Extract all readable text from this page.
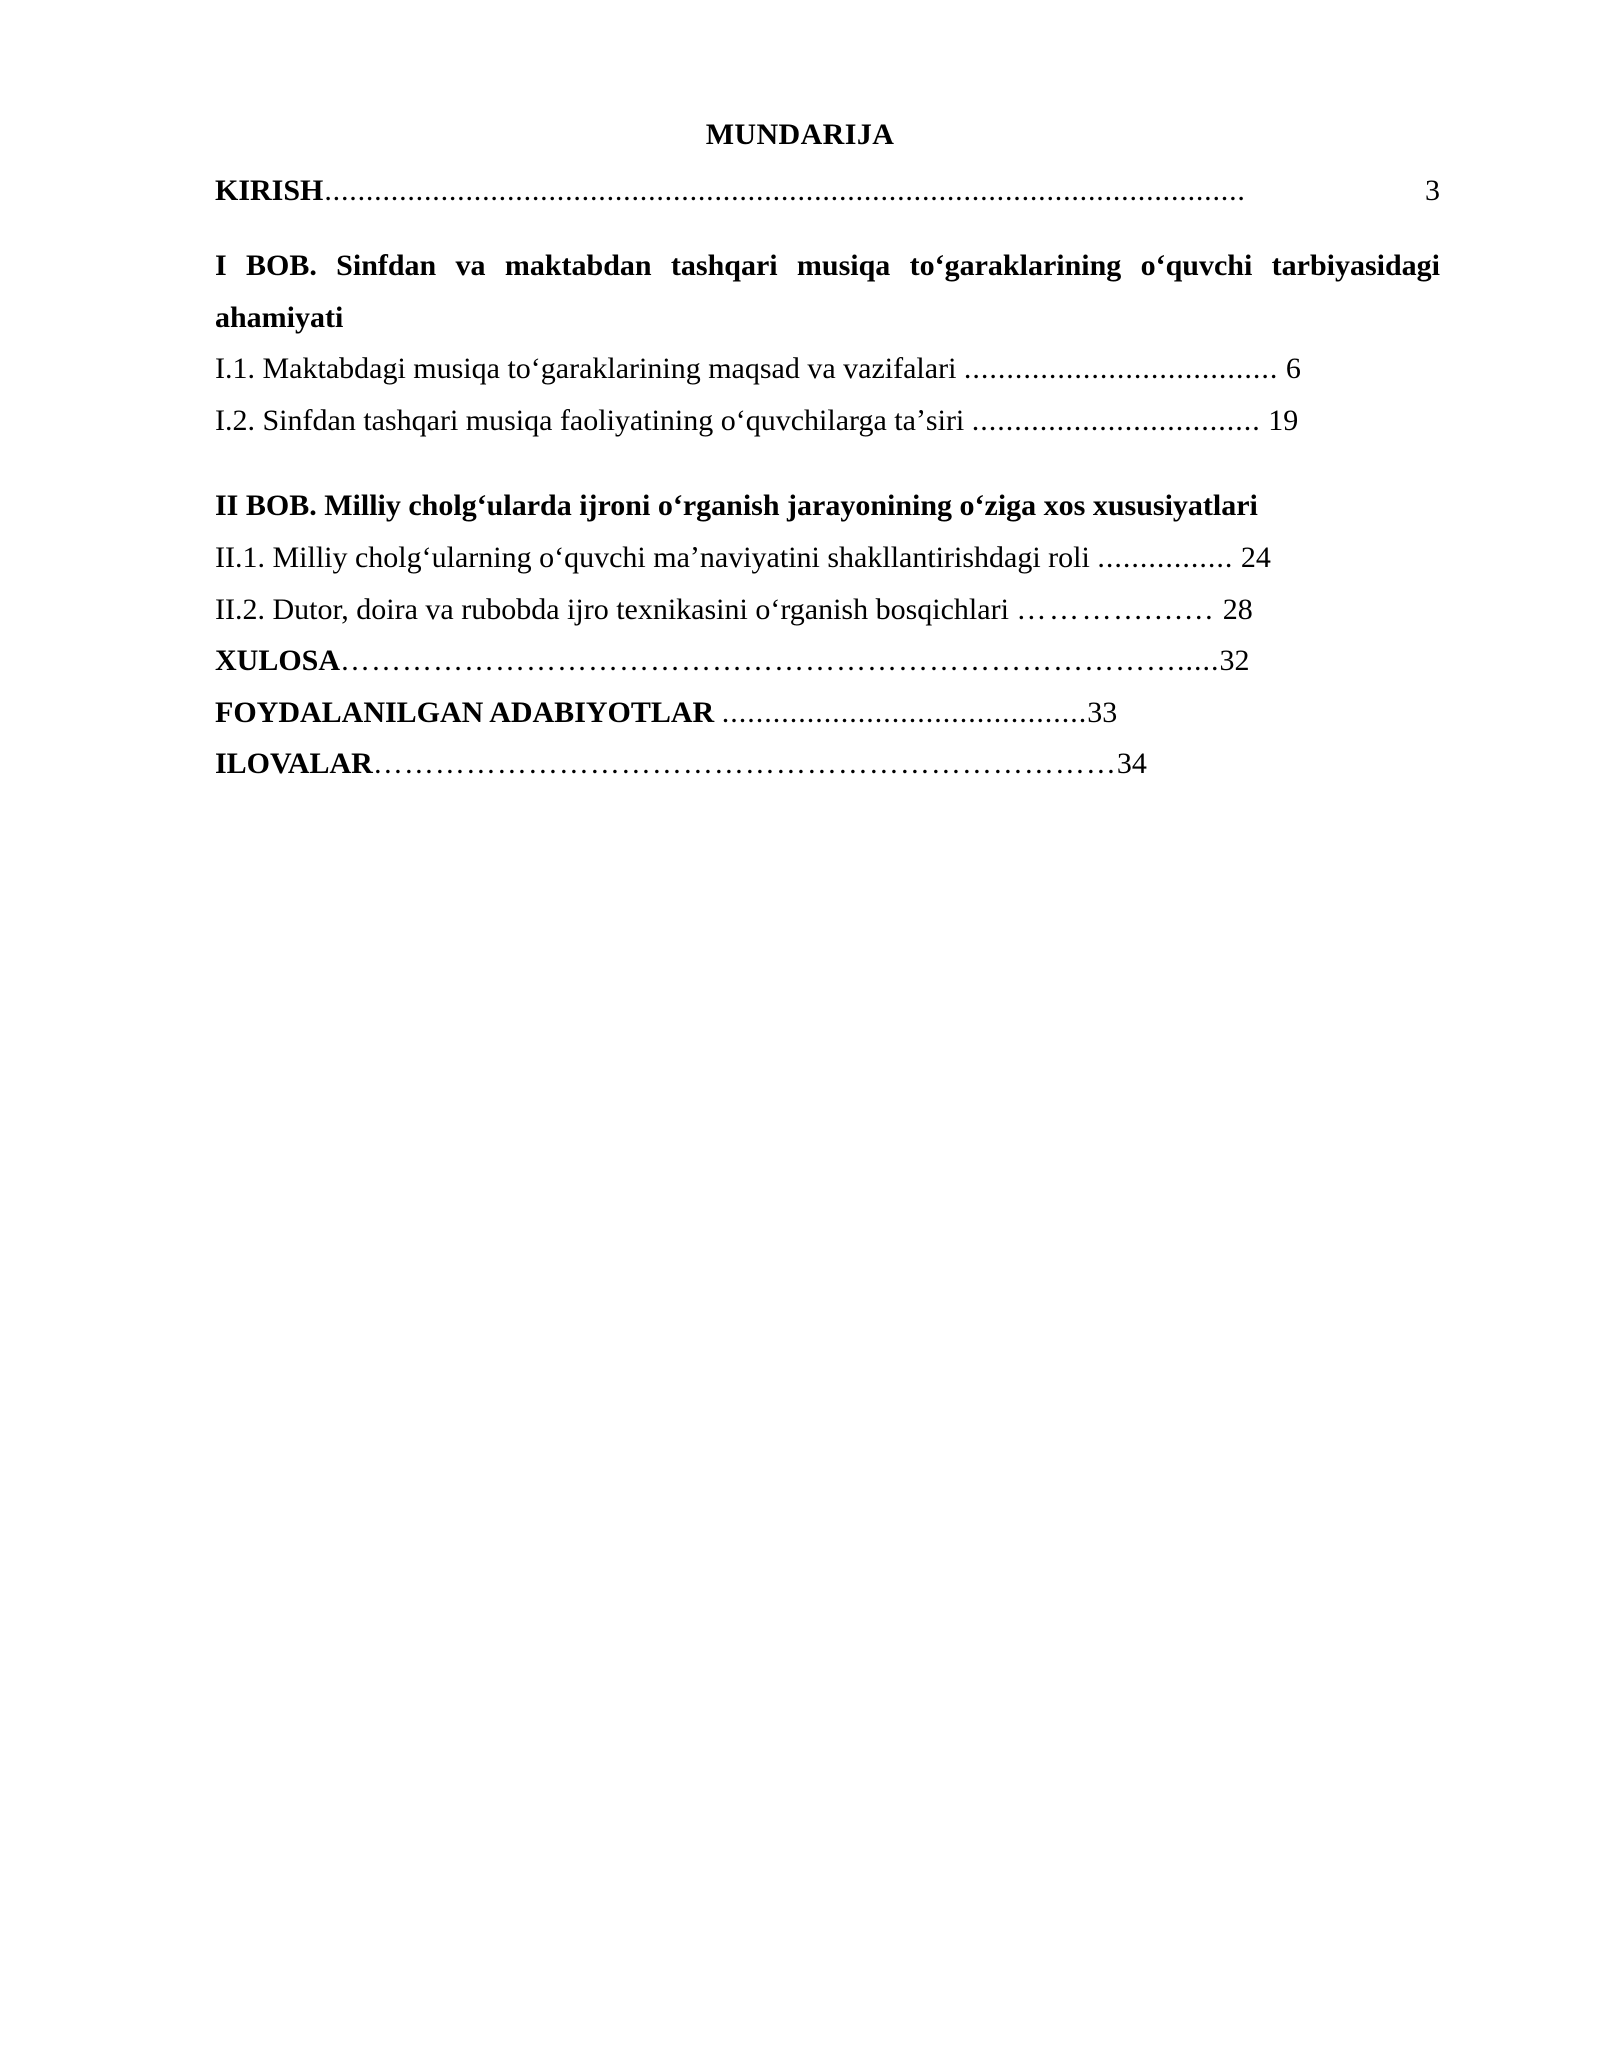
MUNDARIJA
KIRISH ...............................................................................................................	3

I BOB. Sinfdan va maktabdan tashqari musiqa toʻgaraklarining oʻquvchi tarbiyasidagi ahamiyati

I.1. Maktabdagi musiqa toʻgaraklarining maqsad va vazifalari ..................................... 6

I.2. Sinfdan tashqari musiqa faoliyatining oʻquvchilarga taʼsiri .................................. 19

II BOB. Milliy cholgʻularda ijroni oʻrganish jarayonining oʻziga xos xususiyatlari

II.1. Milliy cholgʻularning oʻquvchi maʼnaviyatini shakllantirishdagi roli ................ 24

II.2. Dutor, doira va rubobda ijro texnikasini oʻrganish bosqichlari ……….......... 28

XULOSA……………………………………………………………………….....32

FOYDALANILGAN ADABIYOTLAR ...........................................33

ILOVALAR………………………………………………………………34
